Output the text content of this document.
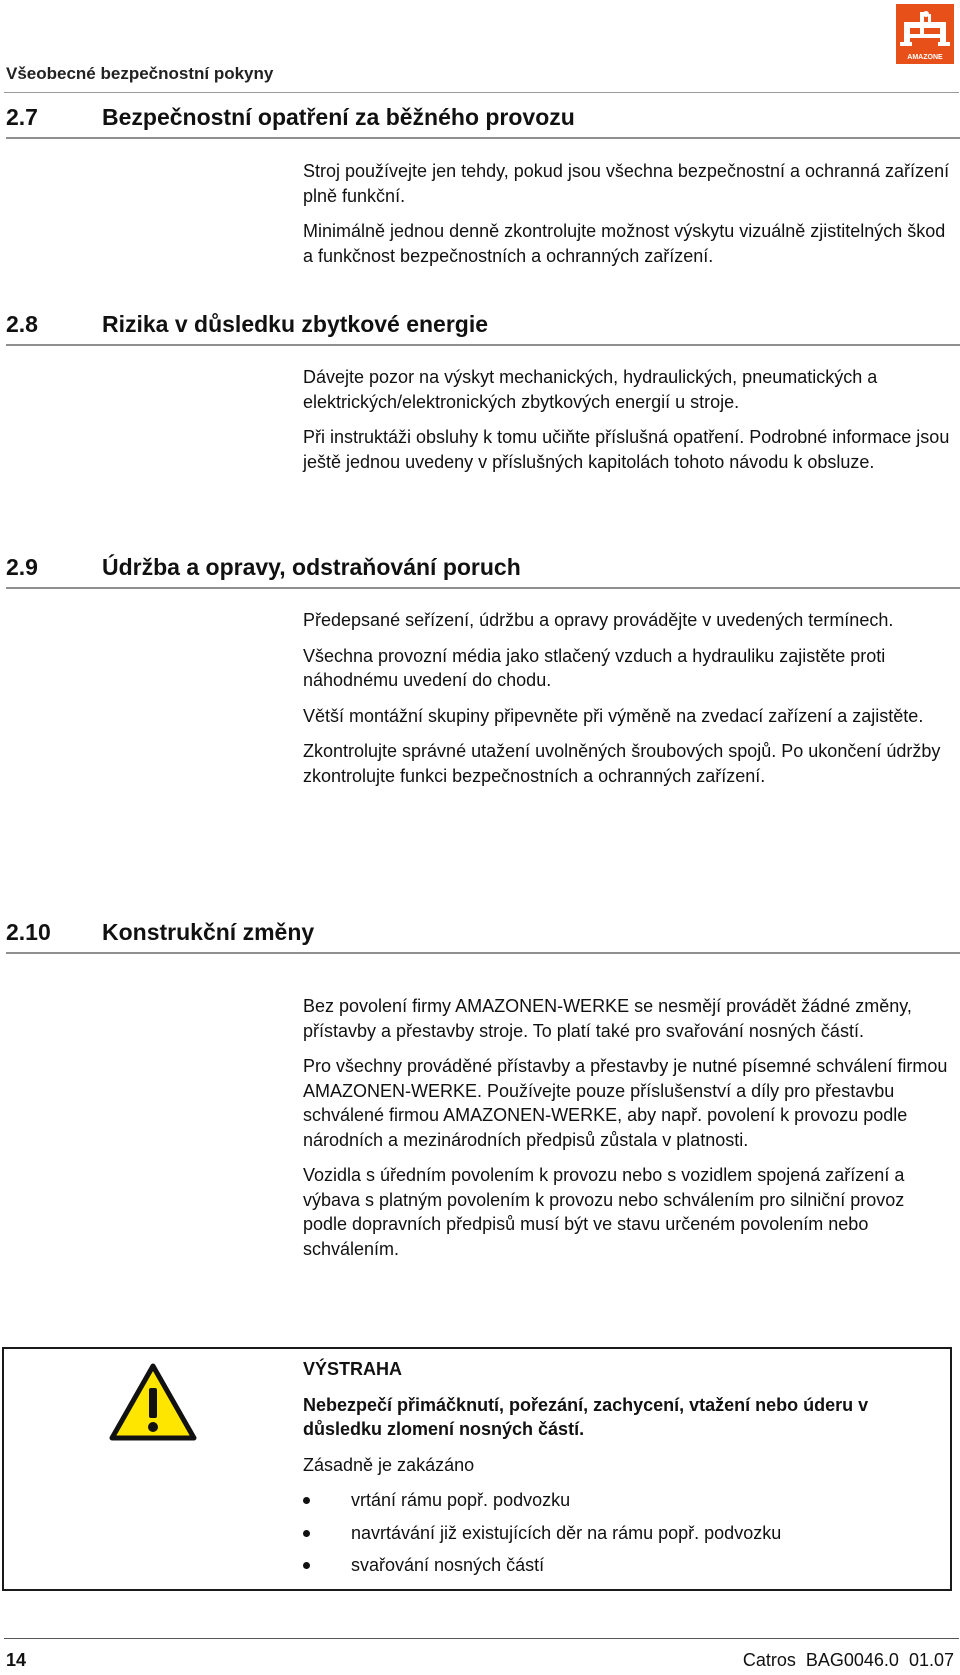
Všeobecné bezpečnostní pokyny
AMAZONE
2.7	Bezpečnostní opatření za běžného provozu

Stroj používejte jen tehdy, pokud jsou všechna bezpečnostní a ochranná zařízení plně funkční.

Minimálně jednou denně zkontrolujte možnost výskytu vizuálně zjistitelných škod a funkčnost bezpečnostních a ochranných zařízení.

2.8	Rizika v důsledku zbytkové energie

Dávejte pozor na výskyt mechanických, hydraulických, pneumatických a elektrických/elektronických zbytkových energií u stroje.

Při instruktáži obsluhy k tomu učiňte příslušná opatření. Podrobné informace jsou ještě jednou uvedeny v příslušných kapitolách tohoto návodu k obsluze.

2.9	Údržba a opravy, odstraňování poruch

Předepsané seřízení, údržbu a opravy provádějte v uvedených termínech.

Všechna provozní média jako stlačený vzduch a hydrauliku zajistěte proti náhodnému uvedení do chodu.

Větší montážní skupiny připevněte při výměně na zvedací zařízení a zajistěte.

Zkontrolujte správné utažení uvolněných šroubových spojů. Po ukončení údržby zkontrolujte funkci bezpečnostních a ochranných zařízení.

2.10 Konstrukční změny

Bez povolení firmy AMAZONEN-WERKE se nesmějí provádět žádné změny, přístavby a přestavby stroje. To platí také pro svařování nosných částí.

Pro všechny prováděné přístavby a přestavby je nutné písemné schválení firmou AMAZONEN-WERKE. Používejte pouze příslušenství a díly pro přestavbu schválené firmou AMAZONEN-WERKE, aby např. povolení k provozu podle národních a mezinárodních předpisů zůstala v platnosti.

Vozidla s úředním povolením k provozu nebo s vozidlem spojená zařízení a výbava s platným povolením k provozu nebo schválením pro silniční provoz podle dopravních předpisů musí být ve stavu určeném povolením nebo schválením.

VÝSTRAHA

Nebezpečí přimáčknutí, pořezání, zachycení, vtažení nebo úderu v důsledku zlomení nosných částí.

Zásadně je zakázáno

vrtání rámu popř. podvozku
navrtávání již existujících děr na rámu popř. podvozku
svařování nosných částí
14	Catros  BAG0046.0  01.07
